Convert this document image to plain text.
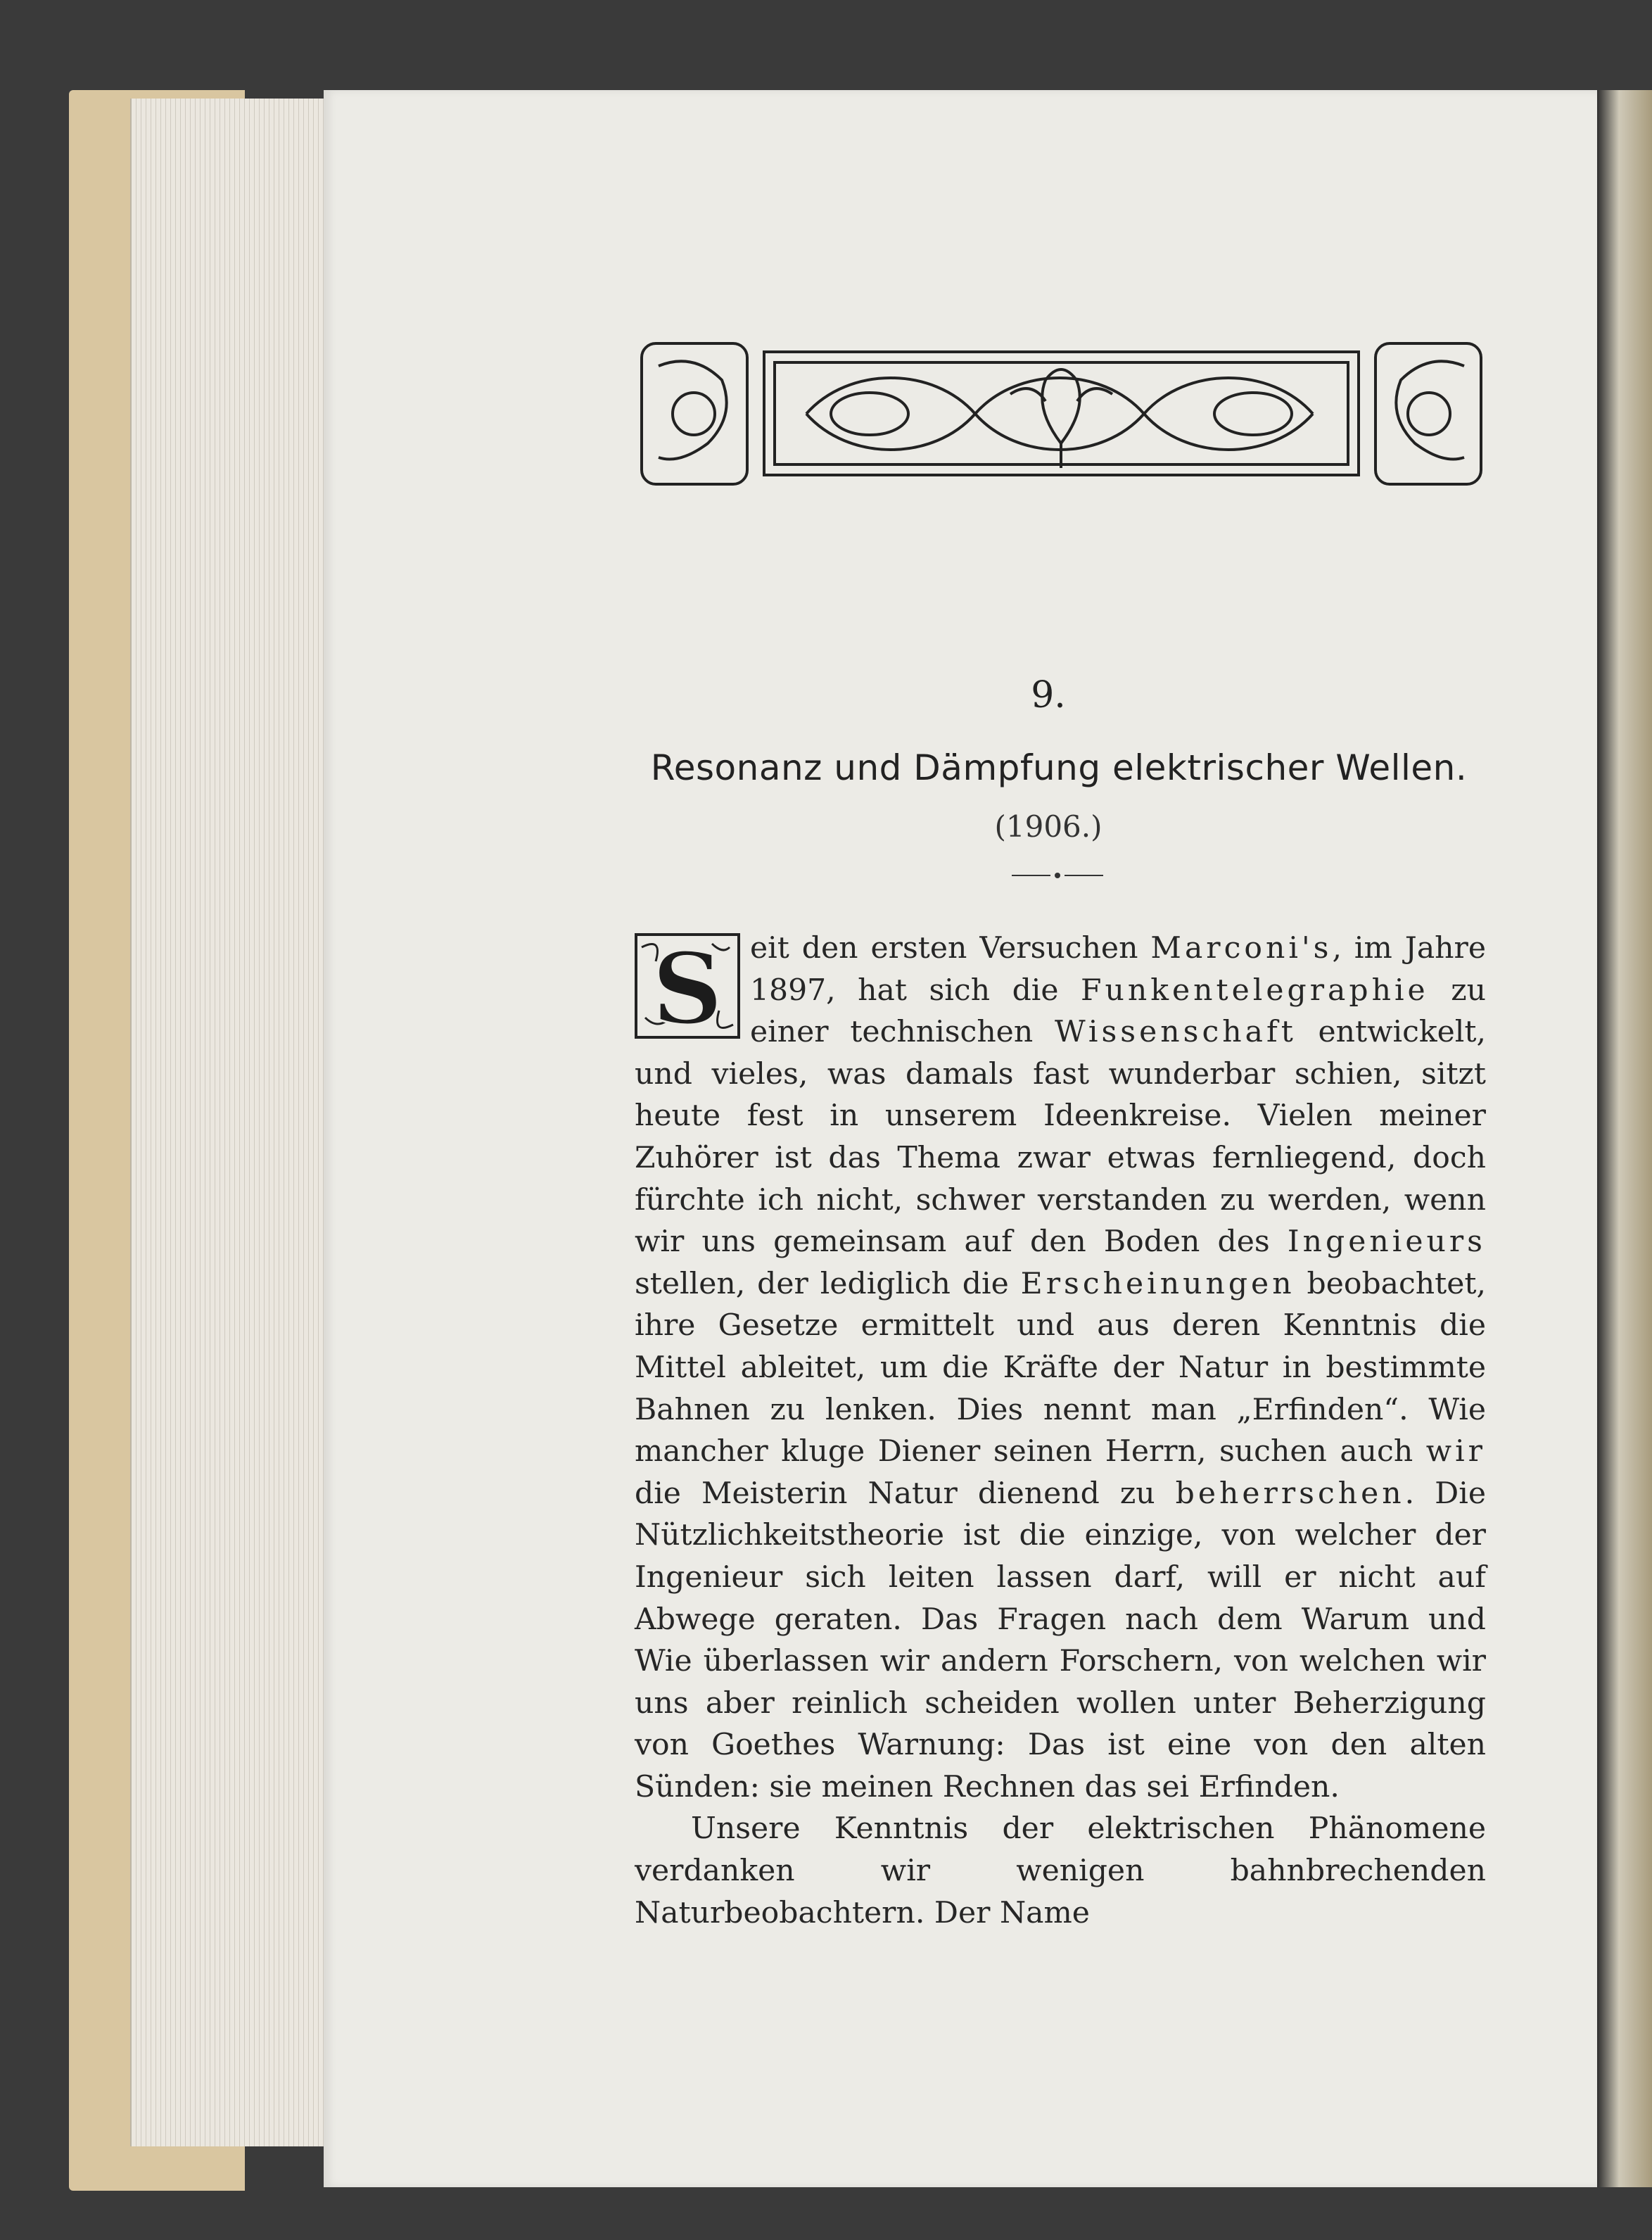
9.
Resonanz und Dämpfung elektrischer Wellen.
(1906.)
S eit den ersten Versuchen Marconi's, im Jahre 1897, hat sich die Funkentelegraphie zu einer technischen Wissenschaft entwickelt, und vieles, was damals fast wunderbar schien, sitzt heute fest in unserem Ideenkreise. Vielen meiner Zuhörer ist das Thema zwar etwas fernliegend, doch fürchte ich nicht, schwer verstanden zu werden, wenn wir uns gemeinsam auf den Boden des Ingenieurs stellen, der lediglich die Erscheinungen beobachtet, ihre Gesetze ermittelt und aus deren Kenntnis die Mittel ableitet, um die Kräfte der Natur in bestimmte Bahnen zu lenken. Dies nennt man „Erfinden“. Wie mancher kluge Diener seinen Herrn, suchen auch wir die Meisterin Natur dienend zu beherrschen. Die Nützlichkeitstheorie ist die einzige, von welcher der Ingenieur sich leiten lassen darf, will er nicht auf Abwege geraten. Das Fragen nach dem Warum und Wie überlassen wir andern Forschern, von welchen wir uns aber reinlich scheiden wollen unter Beherzigung von Goethes Warnung: Das ist eine von den alten Sünden: sie meinen Rechnen das sei Erfinden.

Unsere Kenntnis der elektrischen Phänomene verdanken wir wenigen bahnbrechenden Naturbeobachtern. Der Name
